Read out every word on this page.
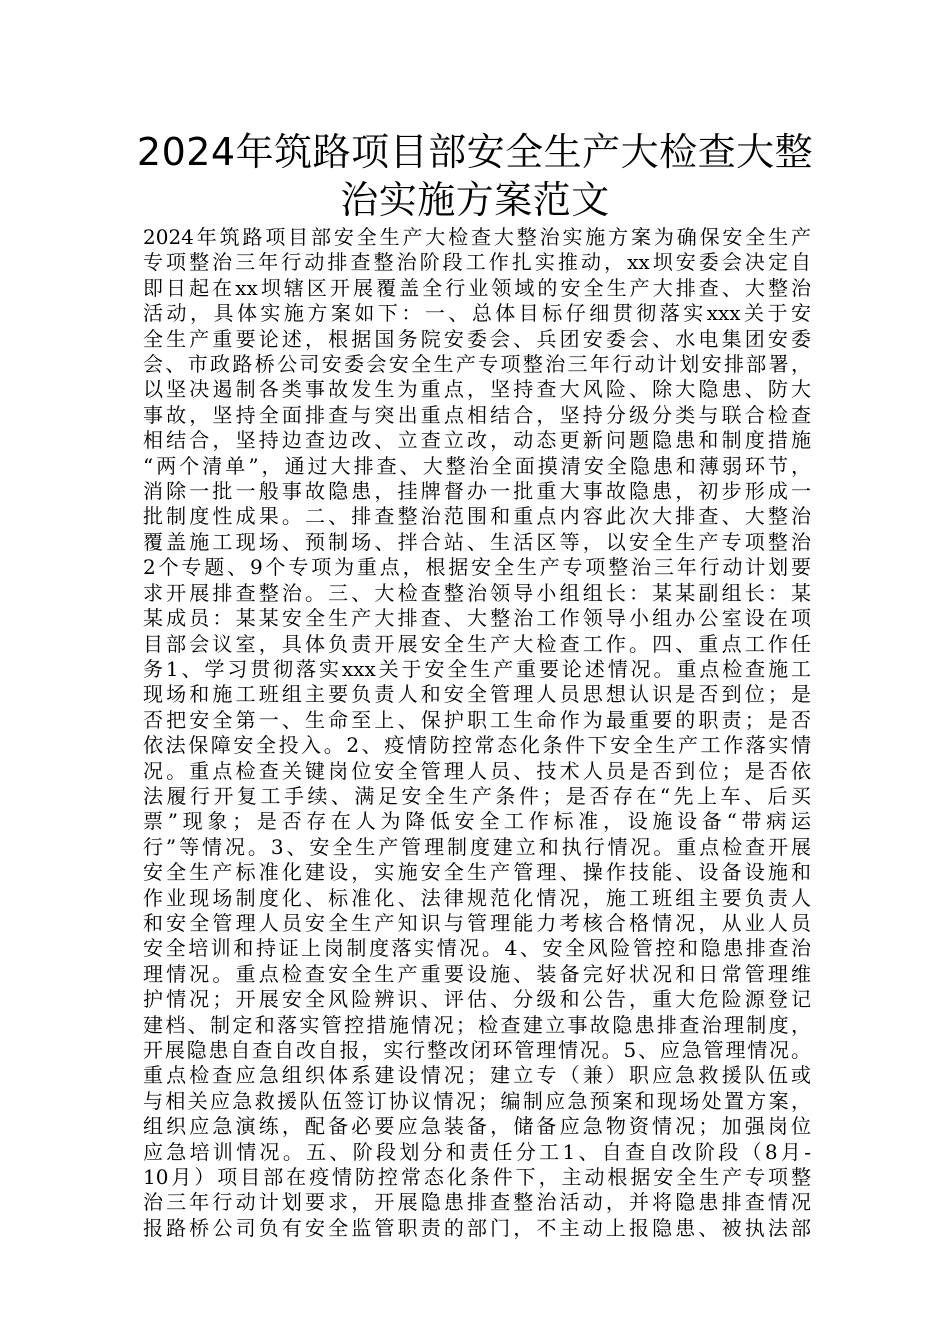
2024年筑路项目部安全生产大检查大整
治实施方案范文
2024年筑路项目部安全生产大检查大整治实施方案为确保安全生产
专项整治三年行动排查整治阶段工作扎实推动，xx坝安委会决定自
即日起在xx坝辖区开展覆盖全行业领域的安全生产大排查、大整治
活动，具体实施方案如下：一、总体目标仔细贯彻落实xxx关于安
全生产重要论述，根据国务院安委会、兵团安委会、水电集团安委
会、市政路桥公司安委会安全生产专项整治三年行动计划安排部署，
以坚决遏制各类事故发生为重点，坚持查大风险、除大隐患、防大
事故，坚持全面排查与突出重点相结合，坚持分级分类与联合检查
相结合，坚持边查边改、立查立改，动态更新问题隐患和制度措施
“两个清单”，通过大排查、大整治全面摸清安全隐患和薄弱环节，
消除一批一般事故隐患，挂牌督办一批重大事故隐患，初步形成一
批制度性成果。二、排查整治范围和重点内容此次大排查、大整治
覆盖施工现场、预制场、拌合站、生活区等，以安全生产专项整治
2个专题、9个专项为重点，根据安全生产专项整治三年行动计划要
求开展排查整治。三、大检查整治领导小组组长：某某副组长：某
某成员：某某安全生产大排查、大整治工作领导小组办公室设在项
目部会议室，具体负责开展安全生产大检查工作。四、重点工作任
务1、学习贯彻落实xxx关于安全生产重要论述情况。重点检查施工
现场和施工班组主要负责人和安全管理人员思想认识是否到位；是
否把安全第一、生命至上、保护职工生命作为最重要的职责；是否
依法保障安全投入。2、疫情防控常态化条件下安全生产工作落实情
况。重点检查关键岗位安全管理人员、技术人员是否到位；是否依
法履行开复工手续、满足安全生产条件；是否存在“先上车、后买
票”现象；是否存在人为降低安全工作标准，设施设备“带病运
行”等情况。3、安全生产管理制度建立和执行情况。重点检查开展
安全生产标准化建设，实施安全生产管理、操作技能、设备设施和
作业现场制度化、标准化、法律规范化情况，施工班组主要负责人
和安全管理人员安全生产知识与管理能力考核合格情况，从业人员
安全培训和持证上岗制度落实情况。4、安全风险管控和隐患排查治
理情况。重点检查安全生产重要设施、装备完好状况和日常管理维
护情况；开展安全风险辨识、评估、分级和公告，重大危险源登记
建档、制定和落实管控措施情况；检查建立事故隐患排查治理制度，
开展隐患自查自改自报，实行整改闭环管理情况。5、应急管理情况。
重点检查应急组织体系建设情况；建立专（兼）职应急救援队伍或
与相关应急救援队伍签订协议情况；编制应急预案和现场处置方案，
组织应急演练，配备必要应急装备，储备应急物资情况；加强岗位
应急培训情况。五、阶段划分和责任分工1、自查自改阶段（8月-
10月）项目部在疫情防控常态化条件下，主动根据安全生产专项整
治三年行动计划要求，开展隐患排查整治活动，并将隐患排查情况
报路桥公司负有安全监管职责的部门，不主动上报隐患、被执法部
